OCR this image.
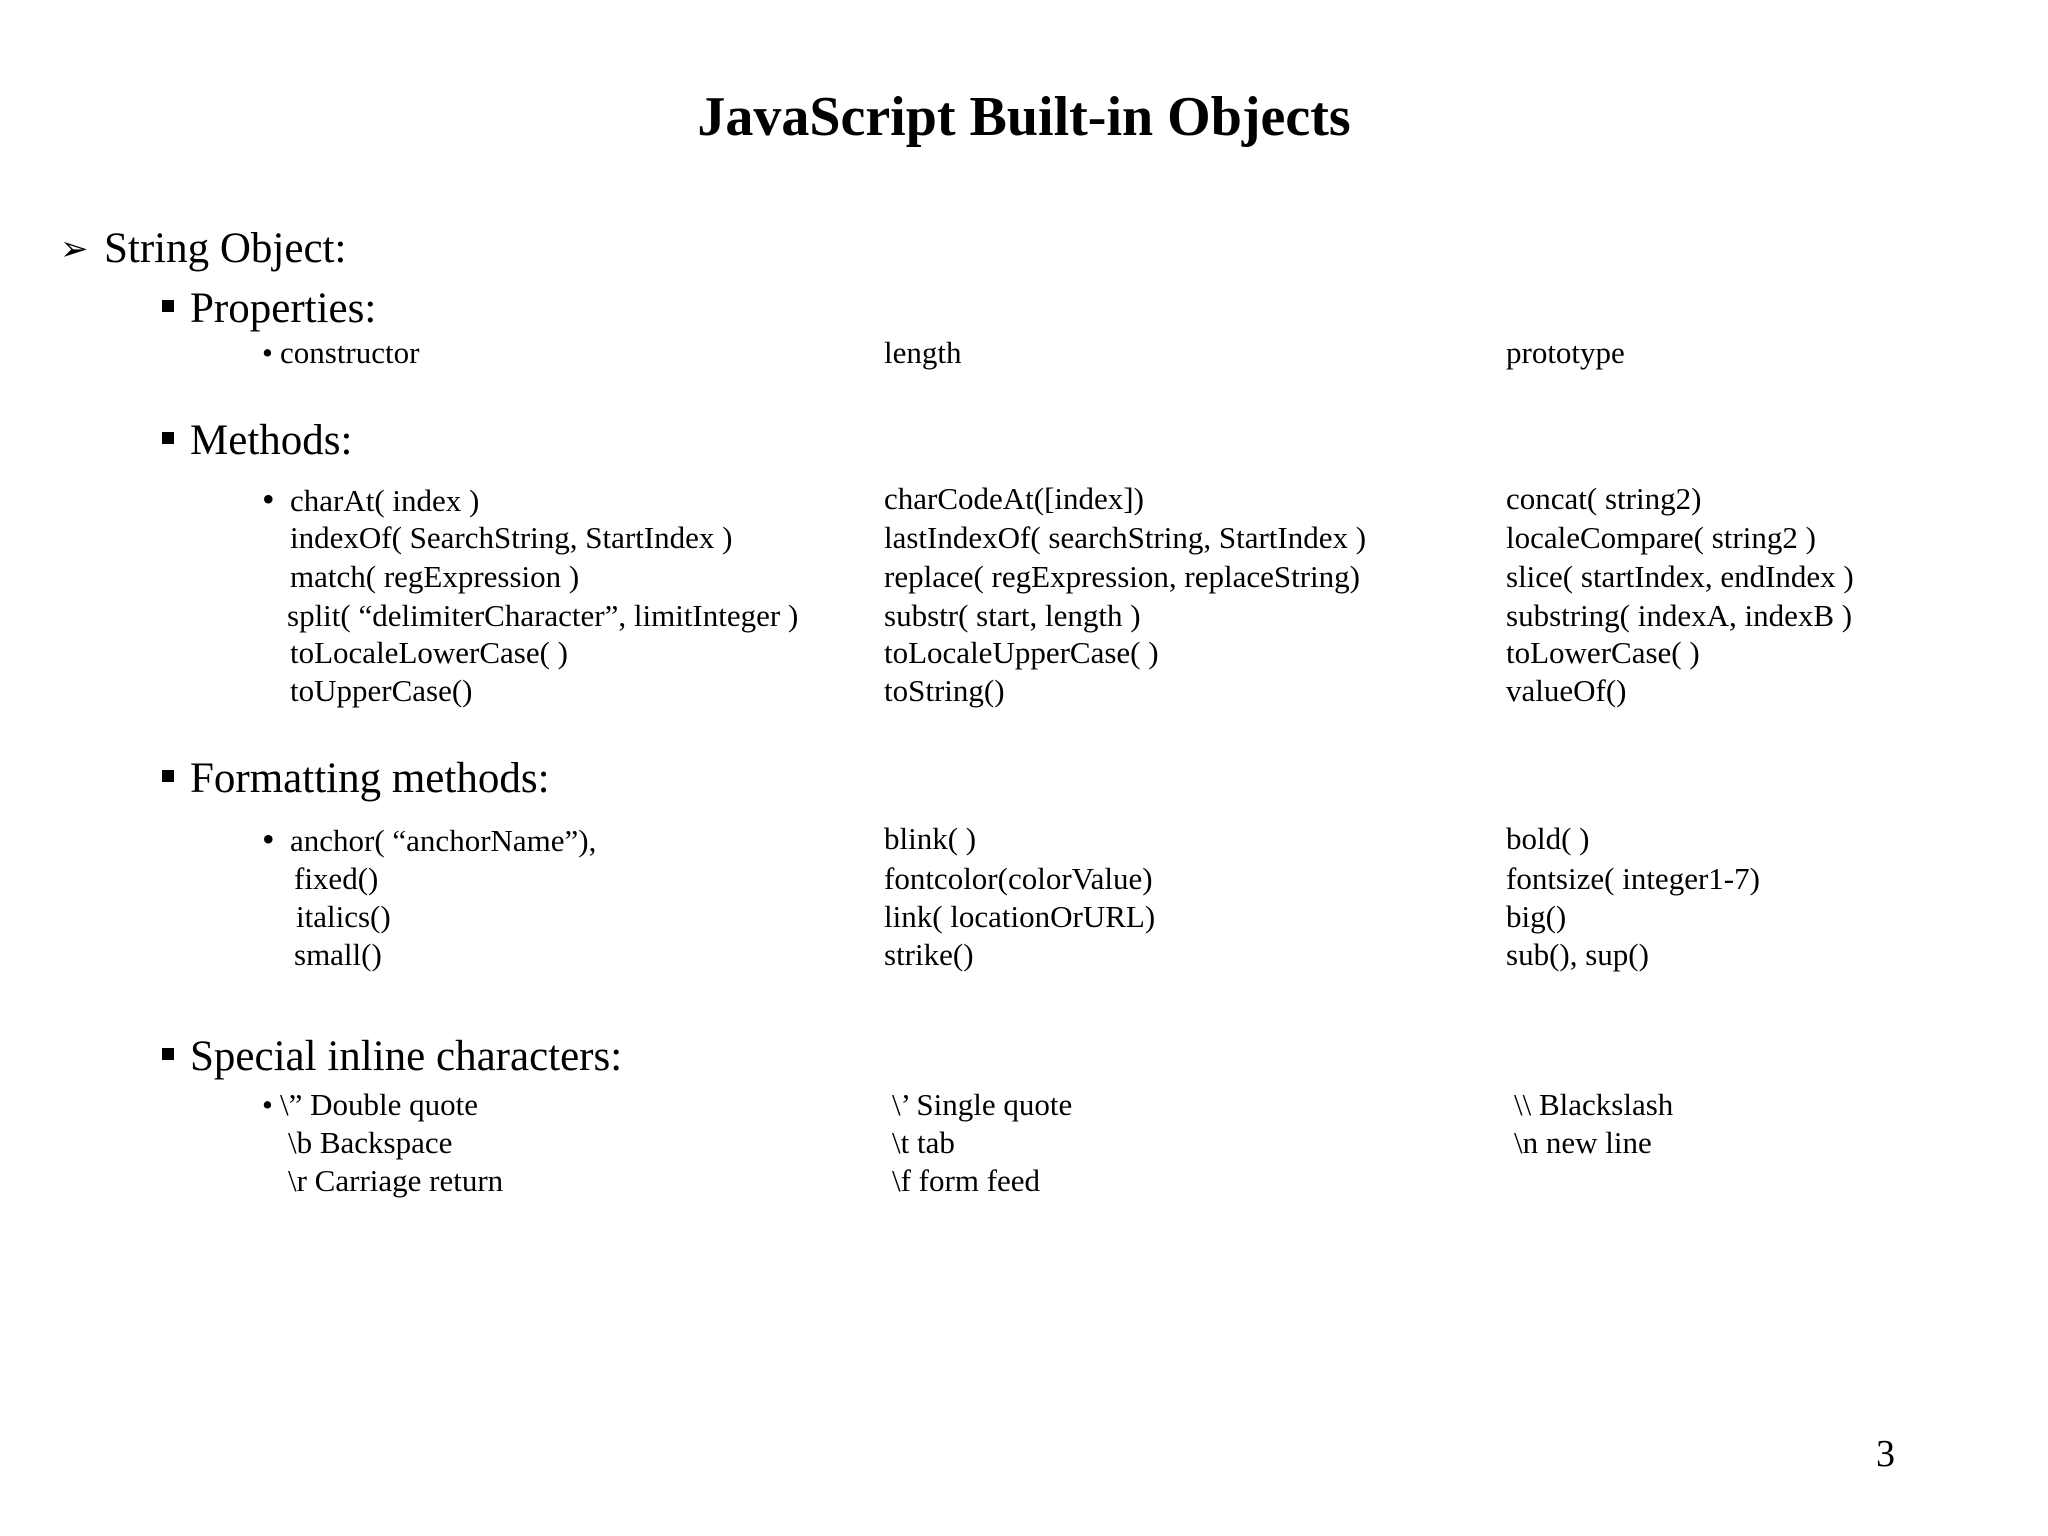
JavaScript Built-in Objects
➢ String Object:
Properties:
• constructor	length	prototype
Methods:
• charAt( index )	charCodeAt([index])	concat( string2)
indexOf( SearchString, StartIndex )	lastIndexOf( searchString, StartIndex )	localeCompare( string2 )
match( regExpression )	replace( regExpression, replaceString)	slice( startIndex, endIndex )
split( “delimiterCharacter”, limitInteger )	substr( start, length )	substring( indexA, indexB )
toLocaleLowerCase( )	toLocaleUpperCase( )	toLowerCase( )
toUpperCase()	toString()	valueOf()
Formatting methods:
• anchor( “anchorName”),	blink( )	bold( )
fixed()	fontcolor(colorValue)	fontsize( integer1-7)
italics()	link( locationOrURL)	big()
small()	strike()	sub(), sup()
Special inline characters:
• \” Double quote	\’ Single quote	\\ Blackslash
\b Backspace	\t tab	\n new line
\r Carriage return	\f form feed
3
